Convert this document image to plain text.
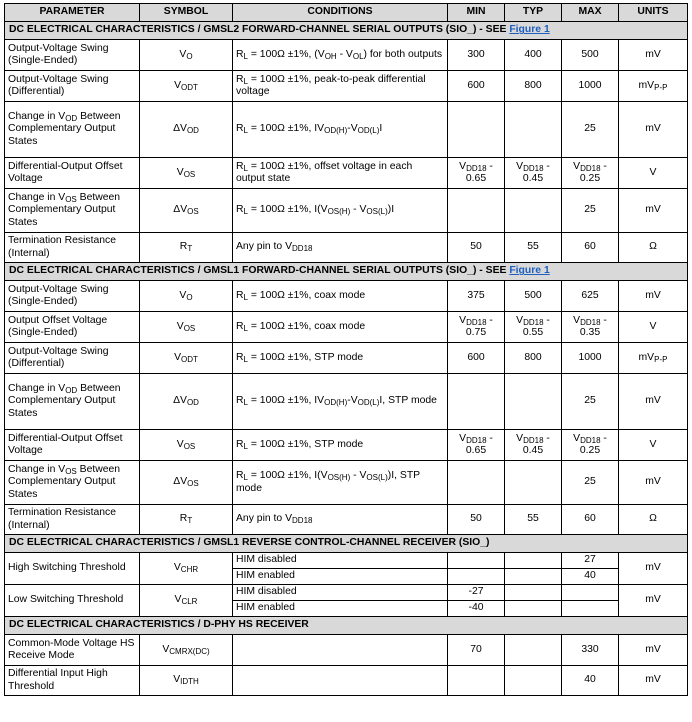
PARAMETER	SYMBOL	CONDITIONS	MIN	TYP	MAX	UNITS
DC ELECTRICAL CHARACTERISTICS / GMSL2 FORWARD-CHANNEL SERIAL OUTPUTS (SIO_) - SEE Figure 1						
Output-Voltage Swing (Single-Ended)	$V_O$	$R_L = 100\Omega \pm 1\%$, $(V_{OH} - V_{OL})$ for both outputs	300	400	500	mV
Output-Voltage Swing (Differential)	$V_{ODT}$	$R_L = 100\Omega \pm 1\%$, peak-to-peak differential voltage	600	800	1000	$mV_{P-P}$
Change in $V_{OD}$ Between Complementary Output States	$\Delta V_{OD}$	$R_L = 100\Omega \pm 1\%$, $IV_{OD(H)}-V_{OD(L)}I$			25	mV
Differential-Output Offset Voltage	$V_{OS}$	$R_L = 100\Omega \pm 1\%$, offset voltage in each output state	$V_{DD18} - 0.65$	$V_{DD18} - 0.45$	$V_{DD18} - 0.25$	V
Change in $V_{OS}$ Between Complementary Output States	$\Delta V_{OS}$	$R_L = 100\Omega \pm 1\%$, $I(V_{OS(H)} - V_{OS(L)})I$			25	mV
Termination Resistance (Internal)	$R_T$	Any pin to $V_{DD18}$	50	55	60	Ω
DC ELECTRICAL CHARACTERISTICS / GMSL1 FORWARD-CHANNEL SERIAL OUTPUTS (SIO_) - SEE Figure 1						
Output-Voltage Swing (Single-Ended)	$V_O$	$R_L = 100\Omega \pm 1\%$, coax mode	375	500	625	mV
Output Offset Voltage (Single-Ended)	$V_{OS}$	$R_L = 100\Omega \pm 1\%$, coax mode	$V_{DD18} - 0.75$	$V_{DD18} - 0.55$	$V_{DD18} - 0.35$	V
Output-Voltage Swing (Differential)	$V_{ODT}$	$R_L = 100\Omega \pm 1\%$, STP mode	600	800	1000	$mV_{P-P}$
Change in $V_{OD}$ Between Complementary Output States	$\Delta V_{OD}$	$R_L = 100\Omega \pm 1\%$, $IV_{OD(H)}-V_{OD(L)}I$, STP mode			25	mV
Differential-Output Offset Voltage	$V_{OS}$	$R_L = 100\Omega \pm 1\%$, STP mode	$V_{DD18} - 0.65$	$V_{DD18} - 0.45$	$V_{DD18} - 0.25$	V
Change in $V_{OS}$ Between Complementary Output States	$\Delta V_{OS}$	$R_L = 100\Omega \pm 1\%$, $I(V_{OS(H)} - V_{OS(L)})I$, STP mode			25	mV
Termination Resistance (Internal)	$R_T$	Any pin to $V_{DD18}$	50	55	60	Ω
DC ELECTRICAL CHARACTERISTICS / GMSL1 REVERSE CONTROL-CHANNEL RECEIVER (SIO_)						
High Switching Threshold	$V_{CHR}$	HIM disabled			27	mV
		HIM enabled			40	
Low Switching Threshold	$V_{CLR}$	HIM disabled	-27			mV
		HIM enabled	-40			
DC ELECTRICAL CHARACTERISTICS / D-PHY HS RECEIVER						
Common-Mode Voltage HS Receive Mode	$V_{CMRX(DC)}$		70		330	mV
Differential Input High Threshold	$V_{IDTH}$				40	mV
